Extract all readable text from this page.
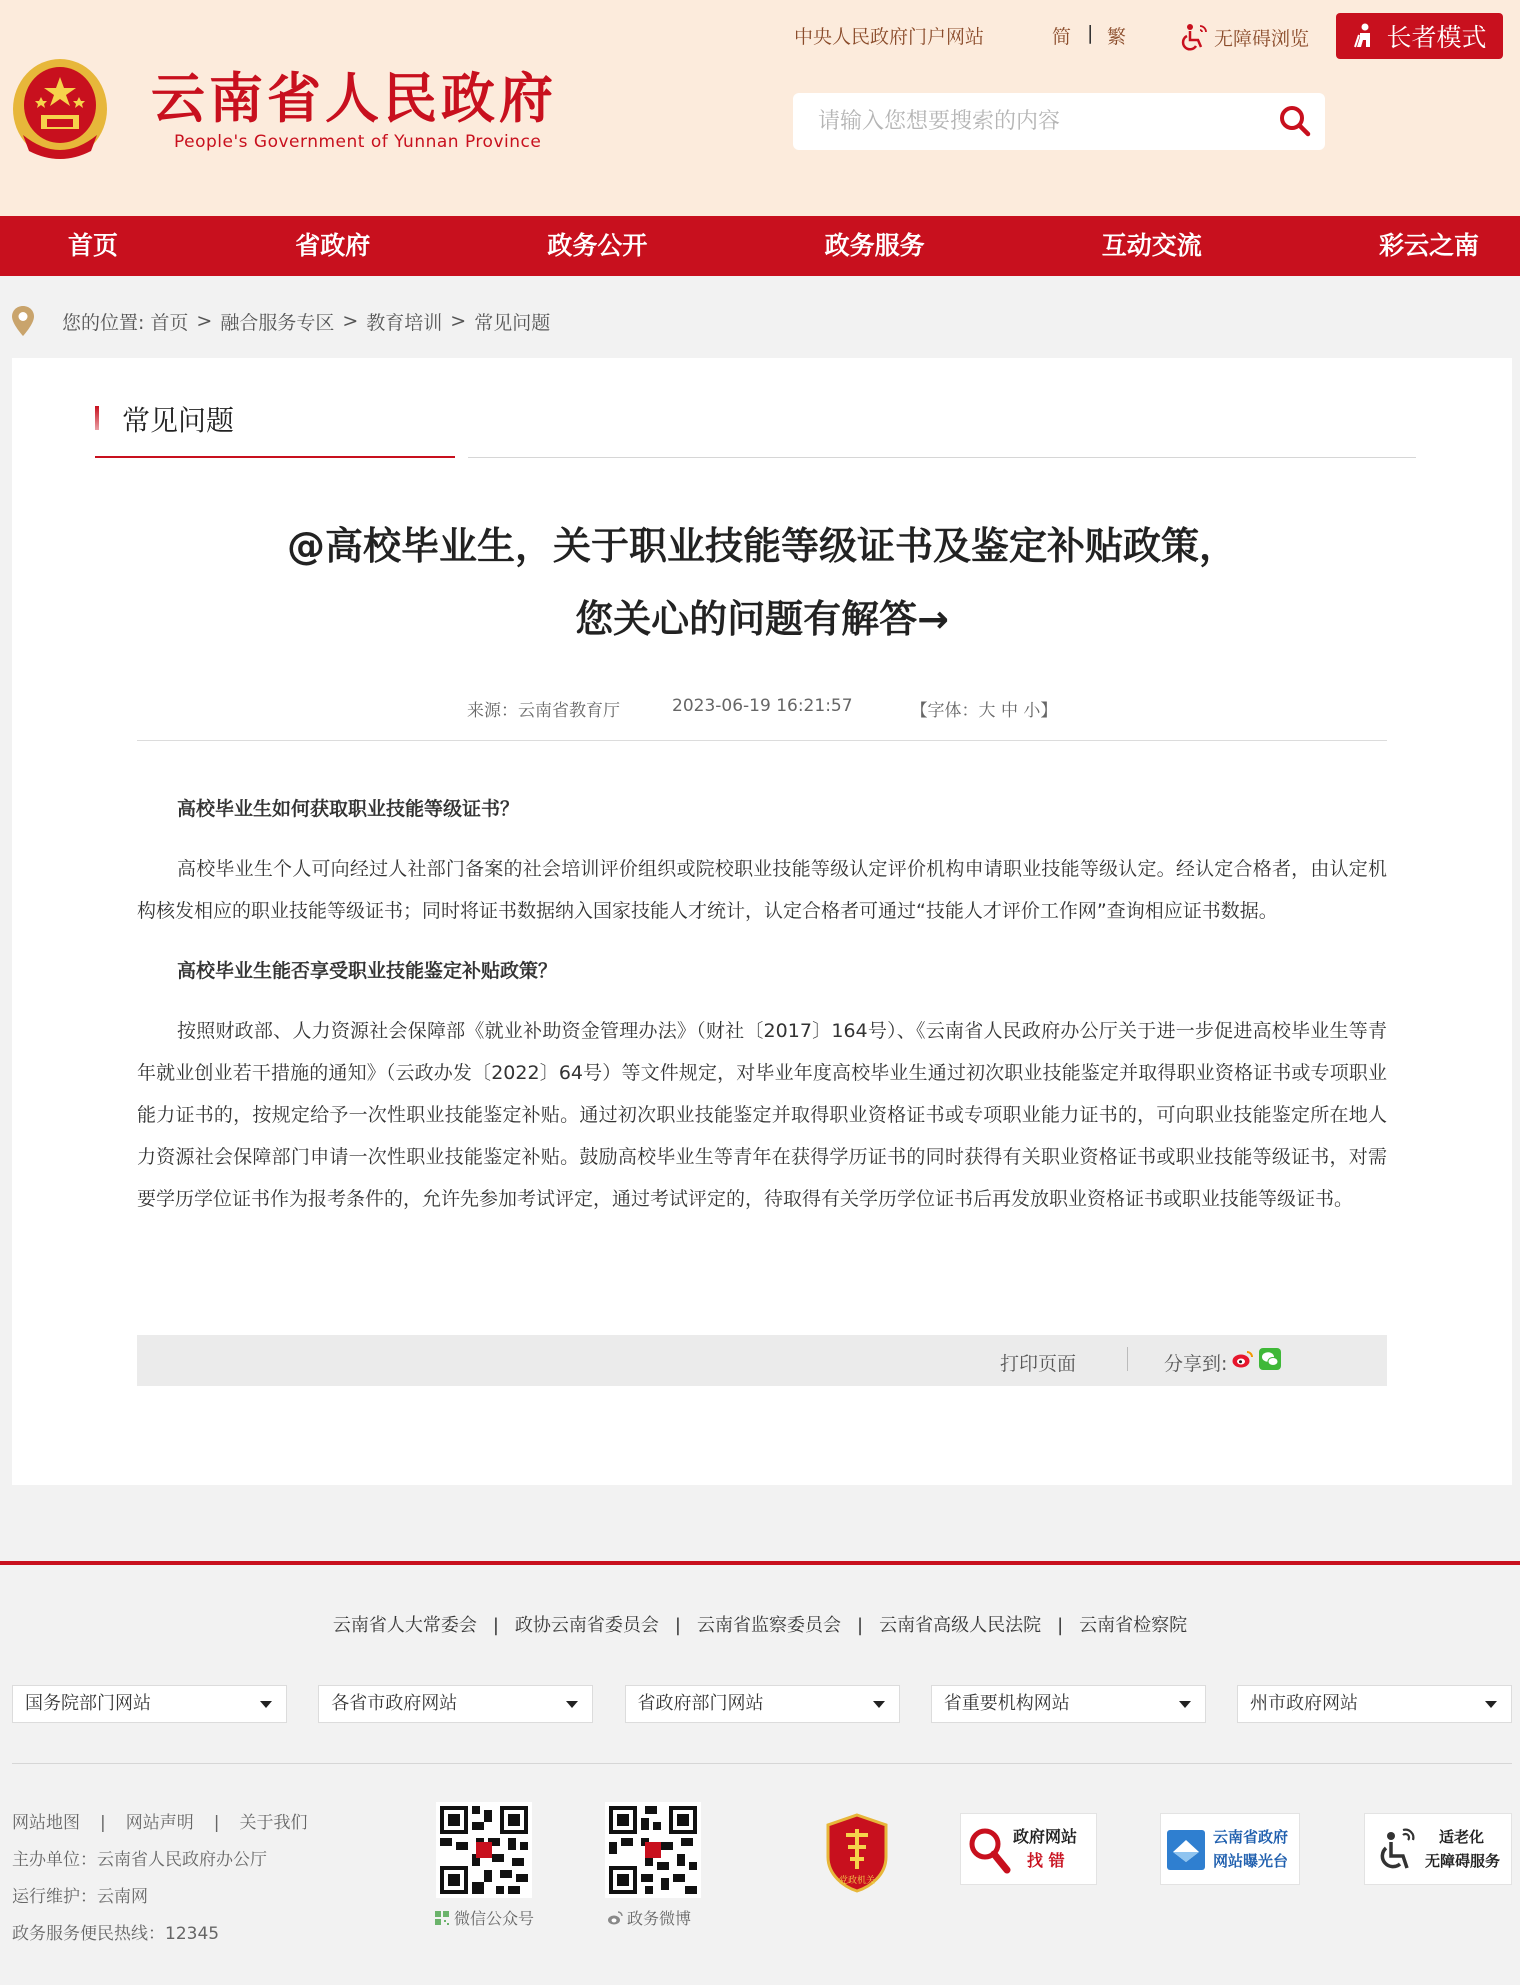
云南省人民政府
People's Government of Yunnan Province
中央人民政府门户网站	简 | 繁	无障碍浏览	长者模式
请输入您想要搜索的内容
首页	省政府	政务公开	政务服务	互动交流	彩云之南
您的位置: 首页 > 融合服务专区 > 教育培训 > 常见问题
常见问题
@高校毕业生，关于职业技能等级证书及鉴定补贴政策，
您关心的问题有解答→
来源：云南省教育厅	2023-06-19 16:21:57	【字体：大 中 小】

高校毕业生如何获取职业技能等级证书？

高校毕业生个人可向经过人社部门备案的社会培训评价组织或院校职业技能等级认定评价机构申请职业技能等级认定。经认定合格者，由认定机构核发相应的职业技能等级证书；同时将证书数据纳入国家技能人才统计，认定合格者可通过“技能人才评价工作网”查询相应证书数据。

高校毕业生能否享受职业技能鉴定补贴政策？

按照财政部、人力资源社会保障部《就业补助资金管理办法》（财社〔2017〕164号）、《云南省人民政府办公厅关于进一步促进高校毕业生等青年就业创业若干措施的通知》（云政办发〔2022〕64号）等文件规定，对毕业年度高校毕业生通过初次职业技能鉴定并取得职业资格证书或专项职业能力证书的，按规定给予一次性职业技能鉴定补贴。通过初次职业技能鉴定并取得职业资格证书或专项职业能力证书的，可向职业技能鉴定所在地人力资源社会保障部门申请一次性职业技能鉴定补贴。鼓励高校毕业生等青年在获得学历证书的同时获得有关职业资格证书或职业技能等级证书，对需要学历学位证书作为报考条件的，允许先参加考试评定，通过考试评定的，待取得有关学历学位证书后再发放职业资格证书或职业技能等级证书。

打印页面	分享到:
云南省人大常委会 | 政协云南省委员会 | 云南省监察委员会 | 云南省高级人民法院 | 云南省检察院
国务院部门网站	各省市政府网站	省政府部门网站	省重要机构网站	州市政府网站
网站地图 | 网站声明 | 关于我们
主办单位：云南省人民政府办公厅
运行维护：云南网
政务服务便民热线：12345
微信公众号	政务微博
党政机关
政府网站
找 错
云南省政府
网站曝光台
适老化
无障碍服务
